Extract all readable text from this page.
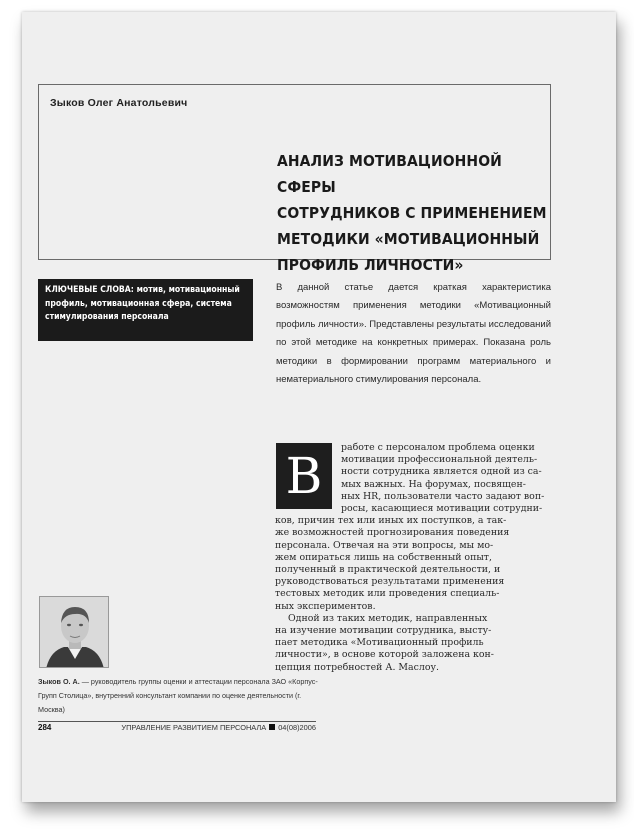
Зыков Олег Анатольевич
АНАЛИЗ МОТИВАЦИОННОЙ СФЕРЫ
СОТРУДНИКОВ С ПРИМЕНЕНИЕМ
МЕТОДИКИ «МОТИВАЦИОННЫЙ
ПРОФИЛЬ ЛИЧНОСТИ»
КЛЮЧЕВЫЕ СЛОВА: мотив, мотивационный профиль, мотивационная сфера, система стимулирования персонала
В данной статье дается краткая характеристика возможностям применения методики «Мотивационный профиль личности». Представлены результаты исследований по этой методике на конкретных примерах. Показана роль методики в формировании программ материального и нематериального стимулирования персонала.
В	работе с персоналом проблема оценки
мотивации профессиональной деятель-
ности сотрудника является одной из са-
мых важных. На форумах, посвящен-
ных HR, пользователи часто задают воп-
росы, касающиеся мотивации сотрудни-
ков, причин тех или иных их поступков, а так-
же возможностей прогнозирования поведения
персонала. Отвечая на эти вопросы, мы мо-
жем опираться лишь на собственный опыт,
полученный в практической деятельности, и
руководствоваться результатами применения
тестовых методик или проведения специаль-
ных экспериментов.
Одной из таких методик, направленных
на изучение мотивации сотрудника, высту-
пает методика «Мотивационный профиль
личности», в основе которой заложена кон-
цепция потребностей А. Маслоу.
Зыков О. А. — руководитель группы оценки и аттестации персонала ЗАО «Корпус-Групп Столица», внутренний консультант компании по оценке деятельности (г. Москва)
284	УПРАВЛЕНИЕ РАЗВИТИЕМ ПЕРСОНАЛА 04(08)2006
